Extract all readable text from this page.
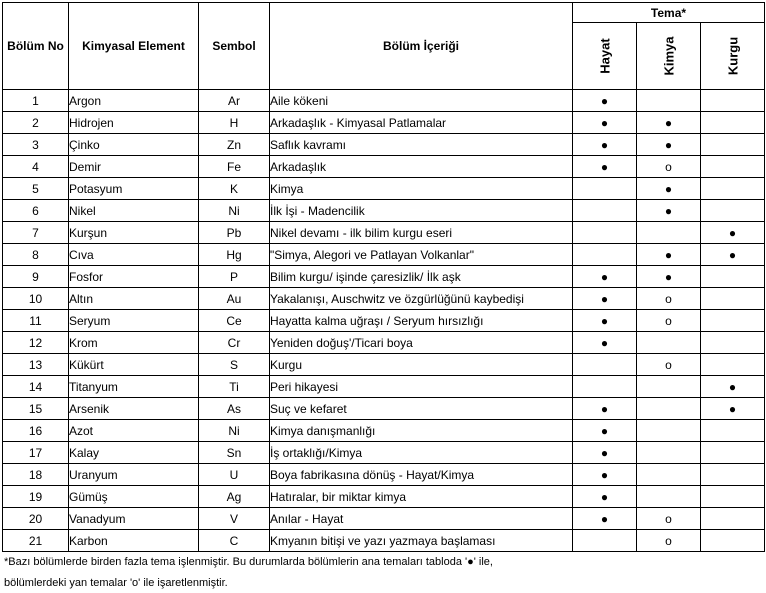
Bölüm No	Kimyasal Element	Sembol	Bölüm İçeriği	Tema*		

				Hayat	Kimya	Kurgu

1	Argon	Ar	Aile kökeni	●		
2	Hidrojen	H	Arkadaşlık - Kimyasal Patlamalar	●	●	
3	Çinko	Zn	Saflık kavramı	●	●	
4	Demir	Fe	Arkadaşlık	●	o	
5	Potasyum	K	Kimya		●	
6	Nikel	Ni	İlk İşi - Madencilik		●	
7	Kurşun	Pb	Nikel devamı - ilk bilim kurgu eseri			●
8	Cıva	Hg	"Simya, Alegori ve Patlayan Volkanlar"		●	●
9	Fosfor	P	Bilim kurgu/ işinde çaresizlik/ İlk aşk	●	●	
10	Altın	Au	Yakalanışı, Auschwitz ve özgürlüğünü kaybedişi	●	o	
11	Seryum	Ce	Hayatta kalma uğraşı / Seryum hırsızlığı	●	o	
12	Krom	Cr	Yeniden doğuş'/Ticari boya	●		
13	Kükürt	S	Kurgu		o	
14	Titanyum	Ti	Peri hikayesi			●
15	Arsenik	As	Suç ve kefaret	●		●
16	Azot	Ni	Kimya danışmanlığı	●		
17	Kalay	Sn	İş ortaklığı/Kimya	●		
18	Uranyum	U	Boya fabrikasına dönüş - Hayat/Kimya	●		
19	Gümüş	Ag	Hatıralar, bir miktar kimya	●		
20	Vanadyum	V	Anılar - Hayat	●	o	
21	Karbon	C	Kmyanın bitişi ve yazı yazmaya başlaması		o	
*Bazı bölümlerde birden fazla tema işlenmiştir. Bu durumlarda bölümlerin ana temaları tabloda '●' ile,
bölümlerdeki yan temalar 'o' ile işaretlenmiştir.
